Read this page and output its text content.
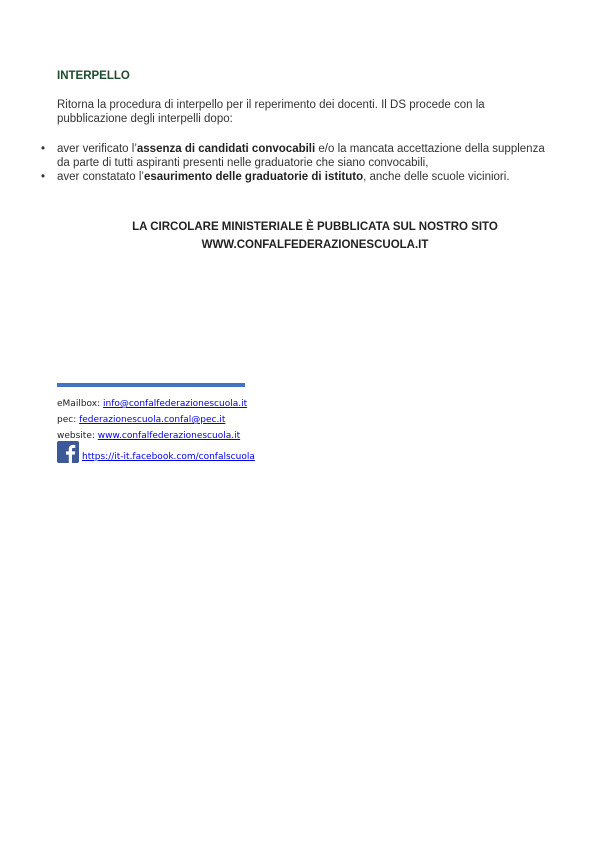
INTERPELLO

Ritorna la procedura di interpello per il reperimento dei docenti. Il DS procede con la pubblicazione degli interpelli dopo:

• aver verificato l’assenza di candidati convocabili e/o la mancata accettazione della supplenza da parte di tutti aspiranti presenti nelle graduatorie che siano convocabili,
• aver constatato l’esaurimento delle graduatorie di istituto, anche delle scuole viciniori.
LA CIRCOLARE MINISTERIALE È PUBBLICATA SUL NOSTRO SITO
WWW.CONFALFEDERAZIONESCUOLA.IT
eMailbox: info@confalfederazionescuola.it
pec: federazionescuola.confal@pec.it
website: www.confalfederazionescuola.it
https://it-it.facebook.com/confalscuola
